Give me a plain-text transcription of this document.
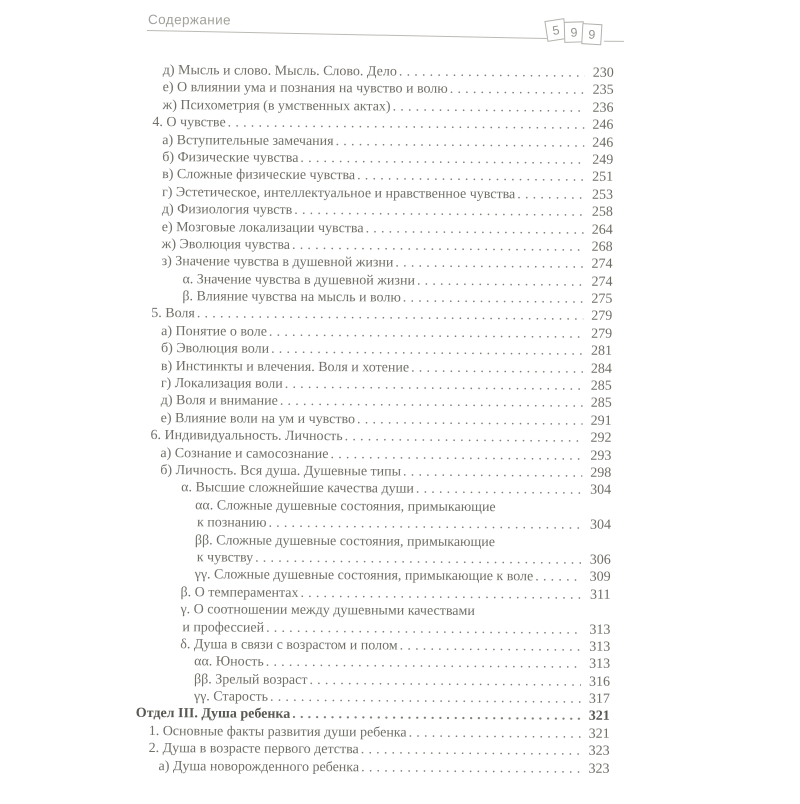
Содержание
5 9 9
д) Мысль и слово. Мысль. Слово. Дело .....	230
е) О влиянии ума и познания на чувство и волю .....	235
ж) Психометрия (в умственных актах) .....	236
4. О чувстве .....	246
а) Вступительные замечания .....	246
б) Физические чувства .....	249
в) Сложные физические чувства .....	251
г) Эстетическое, интеллектуальное и нравственное чувства .....	253
д) Физиология чувств .....	258
е) Мозговые локализации чувства .....	264
ж) Эволюция чувства .....	268
з) Значение чувства в душевной жизни .....	274
α. Значение чувства в душевной жизни .....	274
β. Влияние чувства на мысль и волю .....	275
5. Воля .....	279
а) Понятие о воле .....	279
б) Эволюция воли .....	281
в) Инстинкты и влечения. Воля и хотение .....	284
г) Локализация воли .....	285
д) Воля и внимание .....	285
е) Влияние воли на ум и чувство .....	291
6. Индивидуальность. Личность .....	292
а) Сознание и самосознание .....	293
б) Личность. Вся душа. Душевные типы .....	298
α. Высшие сложнейшие качества души .....	304
αα. Сложные душевные состояния, примыкающие
к познанию .....	304
ββ. Сложные душевные состояния, примыкающие
к чувству .....	306
γγ. Сложные душевные состояния, примыкающие к воле .....	309
β. О темпераментах .....	311
γ. О соотношении между душевными качествами
и профессией .....	313
δ. Душа в связи с возрастом и полом .....	313
αα. Юность .....	313
ββ. Зрелый возраст .....	316
γγ. Старость .....	317
Отдел III. Душа ребенка .....	321
1. Основные факты развития души ребенка .....	321
2. Душа в возрасте первого детства .....	323
а) Душа новорожденного ребенка .....	323
